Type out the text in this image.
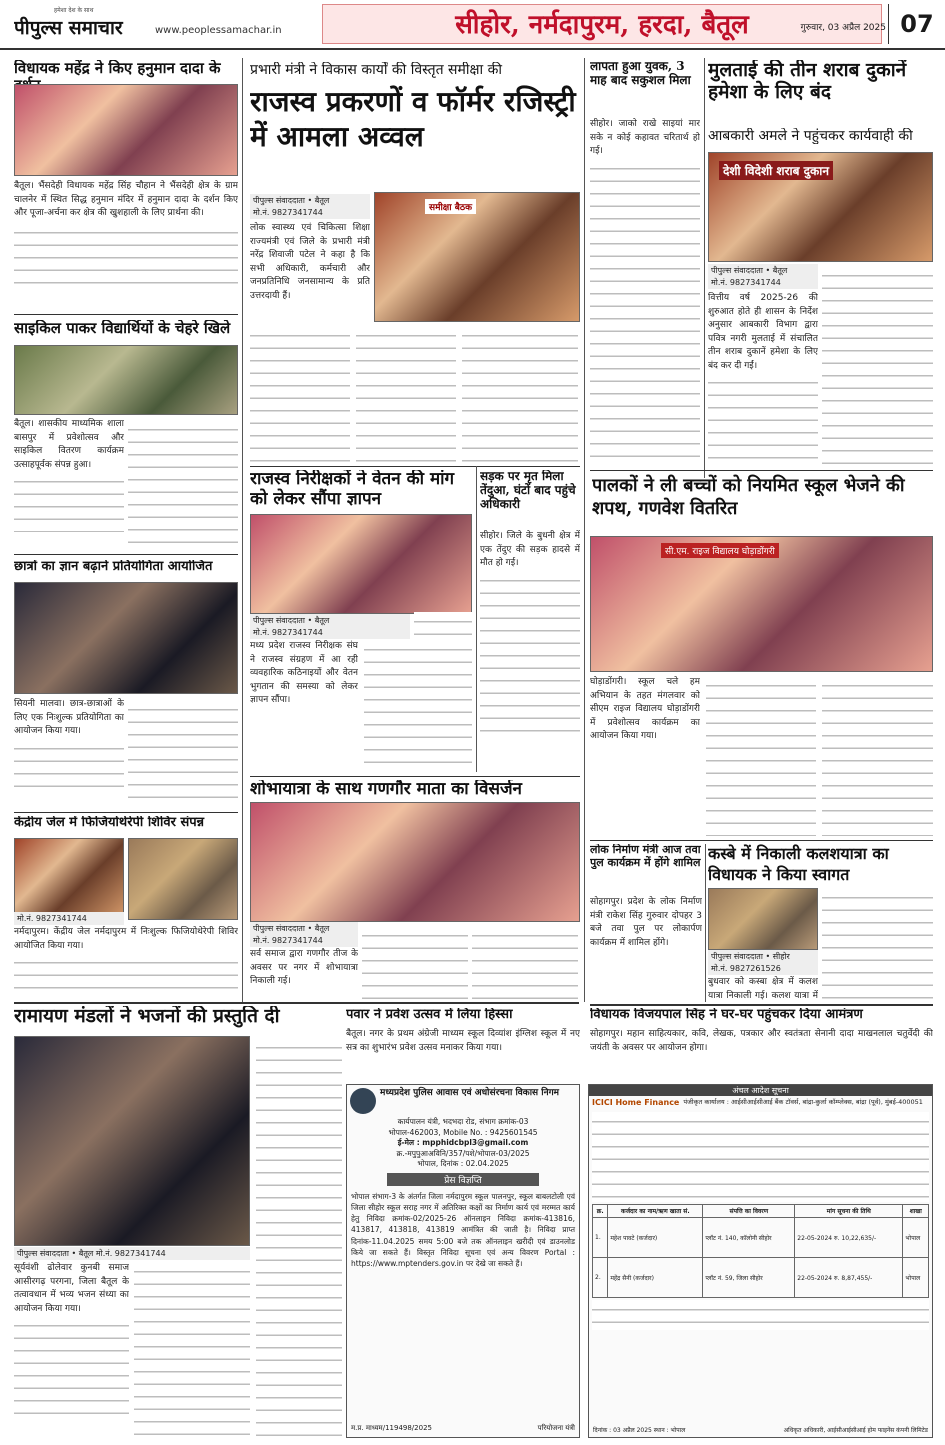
हमेशा देश के साथ
पीपुल्स समाचार	www.peoplessamachar.in	सीहोर, नर्मदापुरम, हरदा, बैतूल	07
गुरुवार, 03 अप्रैल 2025
विधायक महेंद्र ने किए हनुमान दादा के
बैतूल। भैंसदेही विधायक महेंद्र सिंह चौहान ने भैंसदेही क्षेत्र के ग्राम चालनेर में स्थित सिद्ध हनुमान मंदिर में हनुमान दादा के दर्शन किए और पूजा-अर्चना कर क्षेत्र की खुशहाली के लिए प्रार्थना की।
साइकिल पाकर विद्यार्थियों के चेहरे खिले
बैतूल। शासकीय माध्यमिक शाला बासपुर में प्रवेशोत्सव और साइकिल वितरण कार्यक्रम उत्साहपूर्वक संपन्न हुआ।
छात्रों का ज्ञान बढ़ाने प्रतियोगिता आयोजित
सियनी मालवा। छात्र-छात्राओं के लिए एक निःशुल्क प्रतियोगिता का आयोजन किया गया।
केंद्रीय जेल में फिजियोथेरेपी शिविर संपन्न
मो.नं. 9827341744
नर्मदापुरम। केंद्रीय जेल नर्मदापुरम में निःशुल्क फिजियोथेरेपी शिविर आयोजित किया गया।
रामायण मंडलों ने भजनों की प्रस्तुति दी
पीपुल्स संवाददाता • बैतूल मो.नं. 9827341744
सूर्यवंशी ढोलेवार कुनबी समाज आसीरगढ़ परगना, जिला बैतूल के तत्वावधान में भव्य भजन संध्या का आयोजन किया गया।
प्रभारी मंत्री ने विकास कार्यों की विस्तृत समीक्षा की
राजस्व प्रकरणों व फॉर्मर रजिस्ट्री में आमला अव्वल
पीपुल्स संवाददाता • बैतूल
मो.नं. 9827341744	समीक्षा बैठक
लोक स्वास्थ्य एवं चिकित्सा शिक्षा राज्यमंत्री एवं जिले के प्रभारी मंत्री नरेंद्र शिवाजी पटेल ने कहा है कि सभी अधिकारी, कर्मचारी और जनप्रतिनिधि जनसामान्य के प्रति उत्तरदायी हैं।
राजस्व निरीक्षकों ने वेतन की मांग को लेकर सौंपा ज्ञापन
पीपुल्स संवाददाता • बैतूल
मो.नं. 9827341744
मध्य प्रदेश राजस्व निरीक्षक संघ ने राजस्व संग्रहण में आ रही व्यवहारिक कठिनाइयों और वेतन भुगतान की समस्या को लेकर ज्ञापन सौंपा।
सड़क पर मृत मिला तेंदुआ, घंटों बाद पहुंचे अधिकारी
सीहोर। जिले के बुधनी क्षेत्र में एक तेंदुए की सड़क हादसे में मौत हो गई।
शोभायात्रा के साथ गणगौर माता का विसर्जन
पीपुल्स संवाददाता • बैतूल
मो.नं. 9827341744
सर्व समाज द्वारा गणगौर तीज के अवसर पर नगर में शोभायात्रा निकाली गई।
पवार ने प्रवेश उत्सव में लिया हिस्सा
बैतूल। नगर के प्रथम अंग्रेजी माध्यम स्कूल दिव्यांश इंग्लिश स्कूल में नए सत्र का शुभारंभ प्रवेश उत्सव मनाकर किया गया।
मध्यप्रदेश पुलिस आवास एवं अधोसंरचना विकास निगम
कार्यपालन यंत्री, भदभदा रोड, संभाग क्रमांक-03
भोपाल-462003, Mobile No. : 9425601545
ई-मेल : mpphidcbpl3@gmail.com
क्र.-मपुपुआअविनि/357/पशे/भोपाल-03/2025
भोपाल, दिनांक : 02.04.2025
प्रेस विज्ञप्ति
भोपाल संभाग-3 के अंतर्गत जिला नर्मदापुरम स्कूल पालनपुर, स्कूल बाबलटोली एवं जिला सीहोर स्कूल सराह नगर में अतिरिक्त कक्षों का निर्माण कार्य एवं मरम्मत कार्य हेतु निविदा क्रमांक-02/2025-26 ऑनलाइन निविदा क्रमांक-413816, 413817, 413818, 413819 आमंत्रित की जाती है। निविदा प्राप्त दिनांक-11.04.2025 समय 5:00 बजे तक ऑनलाइन खरीदी एवं डाउनलोड किये जा सकते हैं। विस्तृत निविदा सूचना एवं अन्य विवरण Portal : https://www.mptenders.gov.in पर देखे जा सकते हैं।
म.प्र. माध्यम/119498/2025	परियोजना यंत्री
लापता हुआ युवक, 3 माह बाद सकुशल मिला
सीहोर। जाको राखे साइयां मार सके न कोई कहावत चरितार्थ हो गई।
मुलताई की तीन शराब दुकानें हमेशा के लिए बंद
आबकारी अमले ने पहुंचकर कार्यवाही की
देशी विदेशी शराब दुकान
पीपुल्स संवाददाता • बैतूल
मो.नं. 9827341744
वित्तीय वर्ष 2025-26 की शुरुआत होते ही शासन के निर्देश अनुसार आबकारी विभाग द्वारा पवित्र नगरी मुलताई में संचालित तीन शराब दुकानें हमेशा के लिए बंद कर दी गईं।
पालकों ने ली बच्चों को नियमित स्कूल भेजने की शपथ, गणवेश वितरित
सी.एम. राइज विद्यालय घोड़ाडोंगरी
घोड़ाडोंगरी। स्कूल चले हम अभियान के तहत मंगलवार को सीएम राइज विद्यालय घोड़ाडोंगरी में प्रवेशोत्सव कार्यक्रम का आयोजन किया गया।
लोक निर्माण मंत्री आज तवा पुल कार्यक्रम में होंगे शामिल
सोहागपुर। प्रदेश के लोक निर्माण मंत्री राकेश सिंह गुरुवार दोपहर 3 बजे तवा पुल पर लोकार्पण कार्यक्रम में शामिल होंगे।
कस्बे में निकाली कलशयात्रा का विधायक ने किया स्वागत
पीपुल्स संवाददाता • सीहोर
मो.नं. 9827261526
बुधवार को कस्बा क्षेत्र में कलश यात्रा निकाली गई। कलश यात्रा में
विधायक विजयपाल सिंह ने घर-घर पहुंचकर दिया आमंत्रण
सोहागपुर। महान साहित्यकार, कवि, लेखक, पत्रकार और स्वतंत्रता सेनानी दादा माखनलाल चतुर्वेदी की जयंती के अवसर पर आयोजन होगा।
अंचल आदेश सूचना
ICICI Home Finance पंजीकृत कार्यालय : आईसीआईसीआई बैंक टॉवर्स, बांद्रा-कुर्ला कॉम्प्लेक्स, बांद्रा (पूर्व), मुंबई-400051
क्र.	कर्जदार का नाम/ऋण खाता सं.	संपत्ति का विवरण	मांग सूचना की तिथि	शाखा
1.	महेश पावटे (कर्जदार)	प्लॉट नं. 140, कॉलोनी सीहोर	22-05-2024 रु. 10,22,635/-	भोपाल
2.	महेंद्र सैनी (कर्जदार)	प्लॉट नं. 59, जिला सीहोर	22-05-2024 रु. 8,87,455/-	भोपाल
दिनांक : 03 अप्रैल 2025 स्थान : भोपाल	अधिकृत अधिकारी, आईसीआईसीआई होम फाइनेंस कंपनी लिमिटेड
